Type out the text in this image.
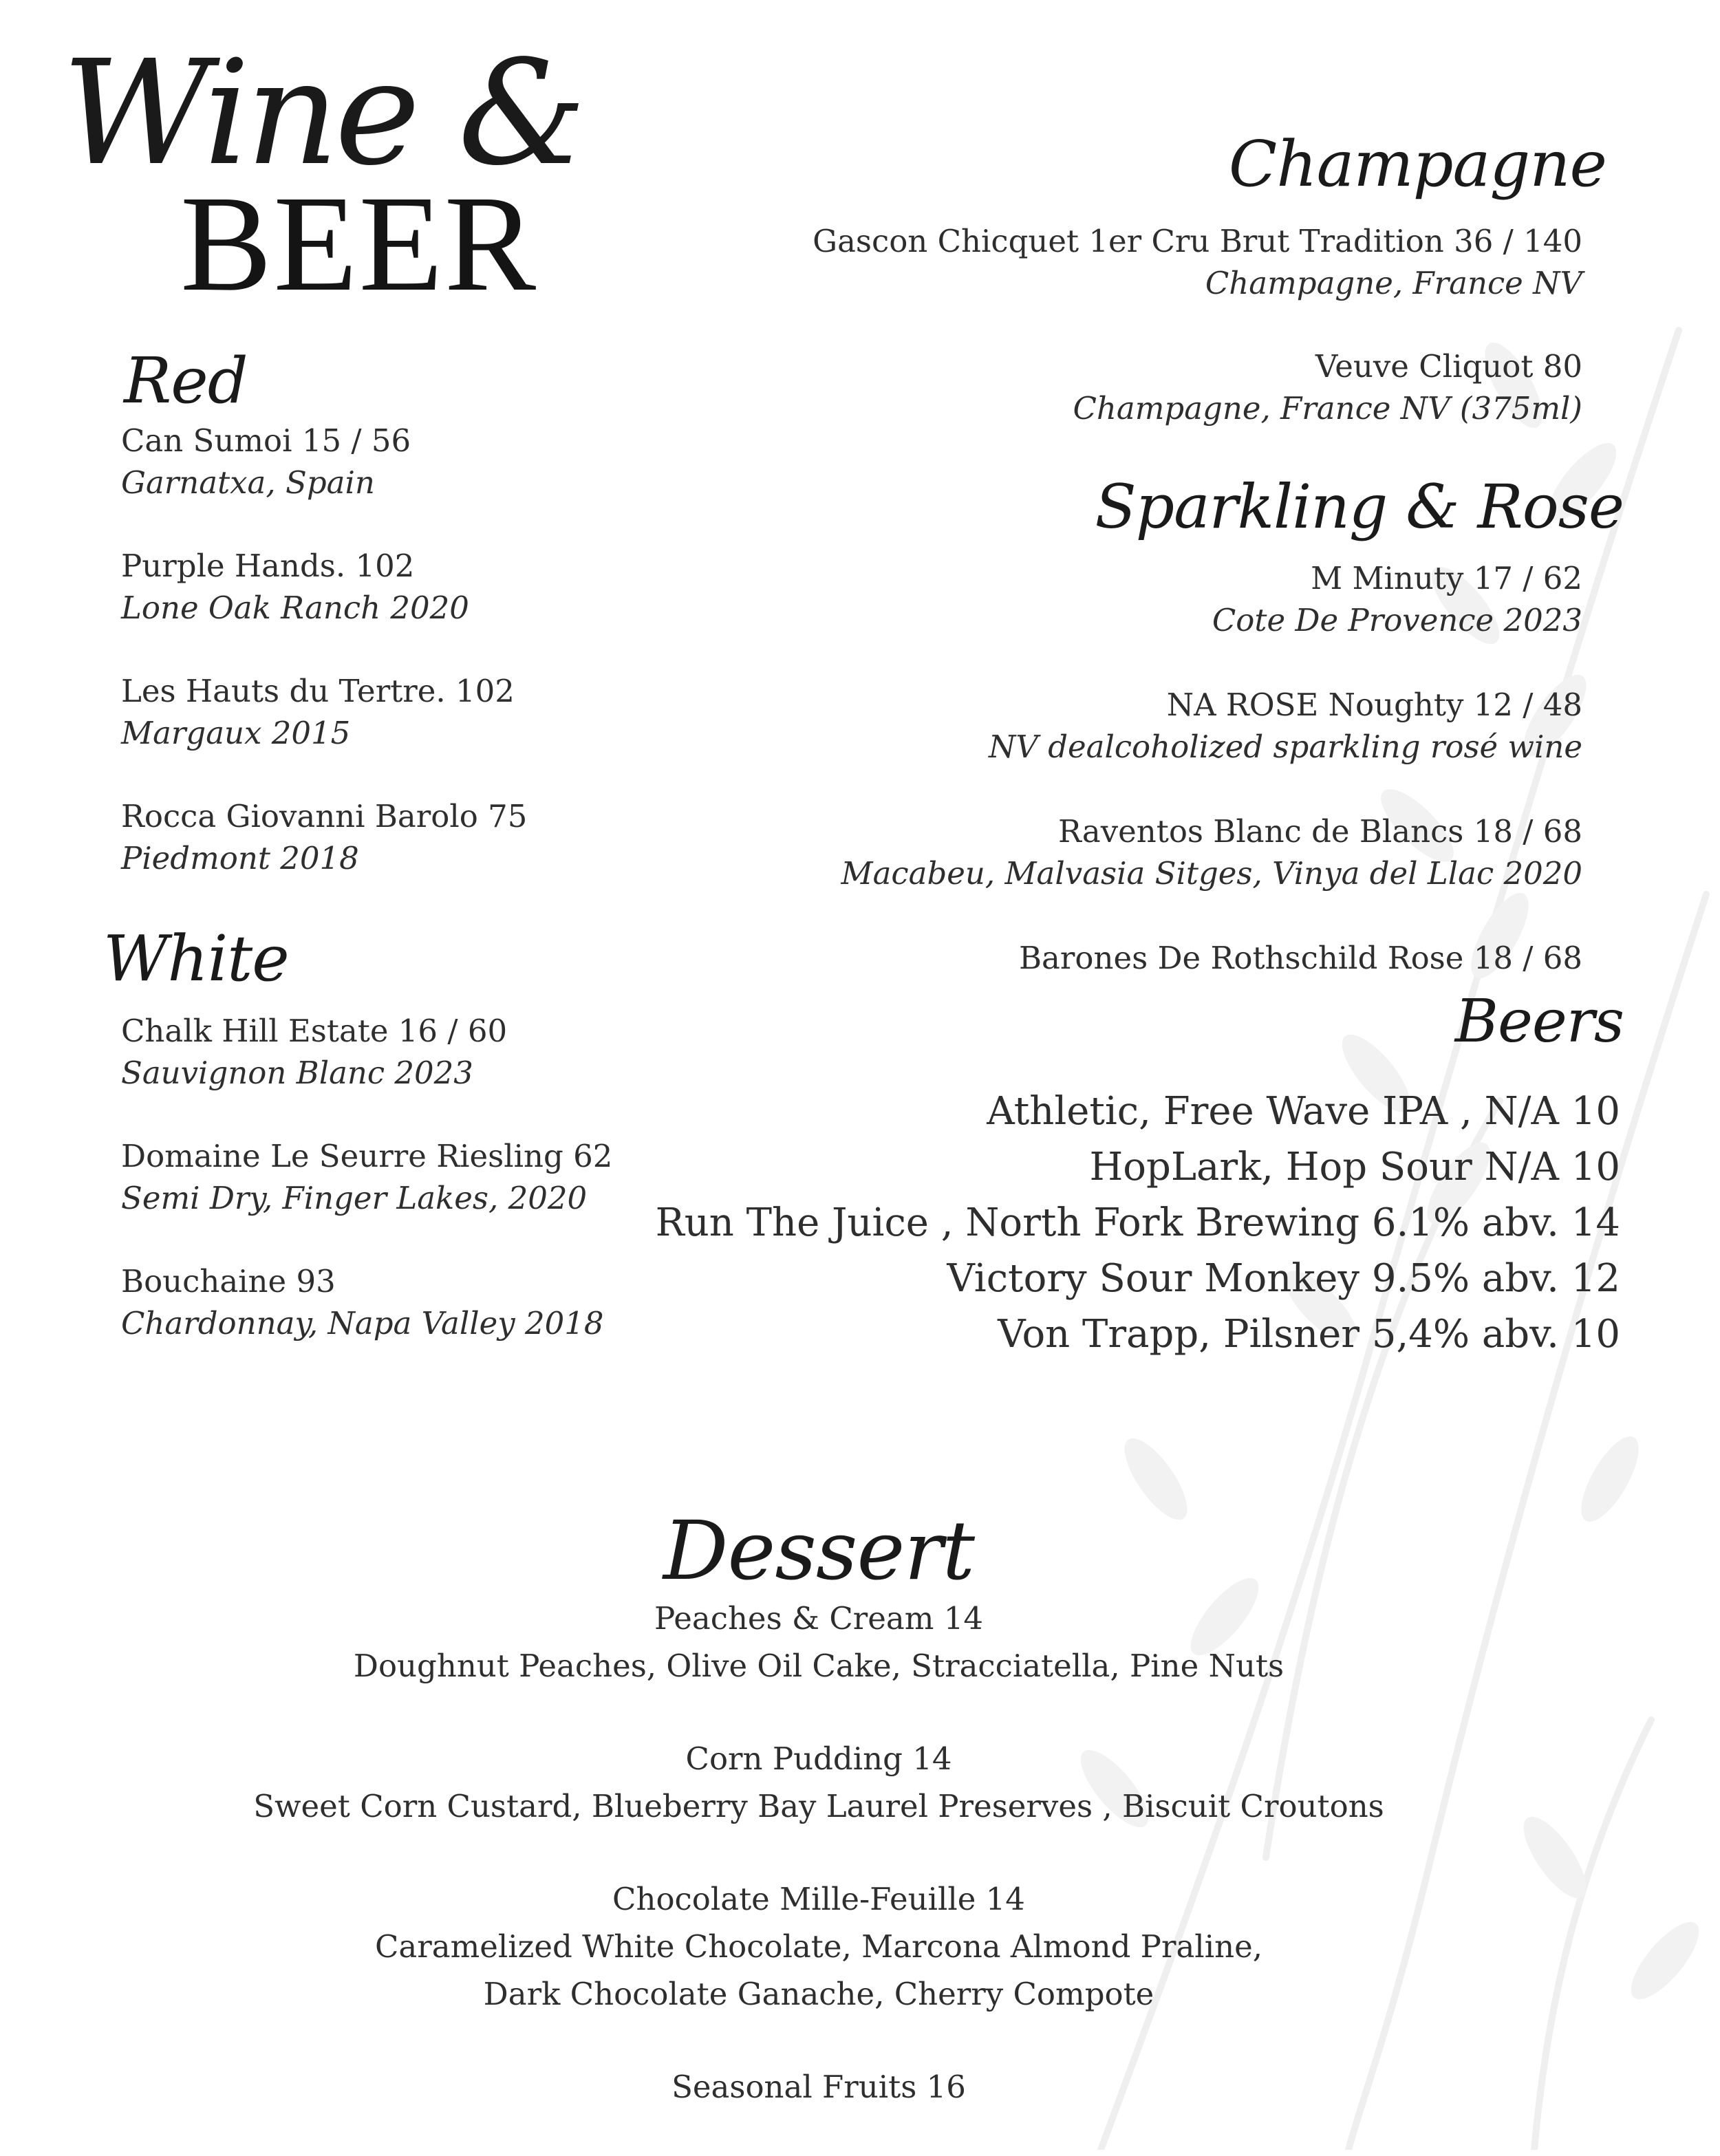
Wine &
BEER
Red
Can Sumoi 15 / 56
Garnatxa, Spain
Purple Hands. 102
Lone Oak Ranch 2020
Les Hauts du Tertre. 102
Margaux 2015
Rocca Giovanni Barolo 75
Piedmont 2018
White
Chalk Hill Estate 16 / 60
Sauvignon Blanc 2023
Domaine Le Seurre Riesling 62
Semi Dry, Finger Lakes, 2020
Bouchaine 93
Chardonnay, Napa Valley 2018
Champagne
Gascon Chicquet 1er Cru Brut Tradition 36 / 140
Champagne, France NV
Veuve Cliquot 80
Champagne, France NV (375ml)
Sparkling & Rose
M Minuty 17 / 62
Cote De Provence 2023
NA ROSE Noughty 12 / 48
NV dealcoholized sparkling rosé wine
Raventos Blanc de Blancs 18 / 68
Macabeu, Malvasia Sitges, Vinya del Llac 2020
Barones De Rothschild Rose 18 / 68
Beers
Athletic, Free Wave IPA , N/A 10
HopLark, Hop Sour N/A 10
Run The Juice , North Fork Brewing 6.1% abv. 14
Victory Sour Monkey 9.5% abv. 12
Von Trapp, Pilsner 5,4% abv. 10
Dessert
Peaches & Cream 14
Doughnut Peaches, Olive Oil Cake, Stracciatella, Pine Nuts
Corn Pudding 14
Sweet Corn Custard, Blueberry Bay Laurel Preserves , Biscuit Croutons
Chocolate Mille-Feuille 14
Caramelized White Chocolate, Marcona Almond Praline,
Dark Chocolate Ganache, Cherry Compote
Seasonal Fruits 16
